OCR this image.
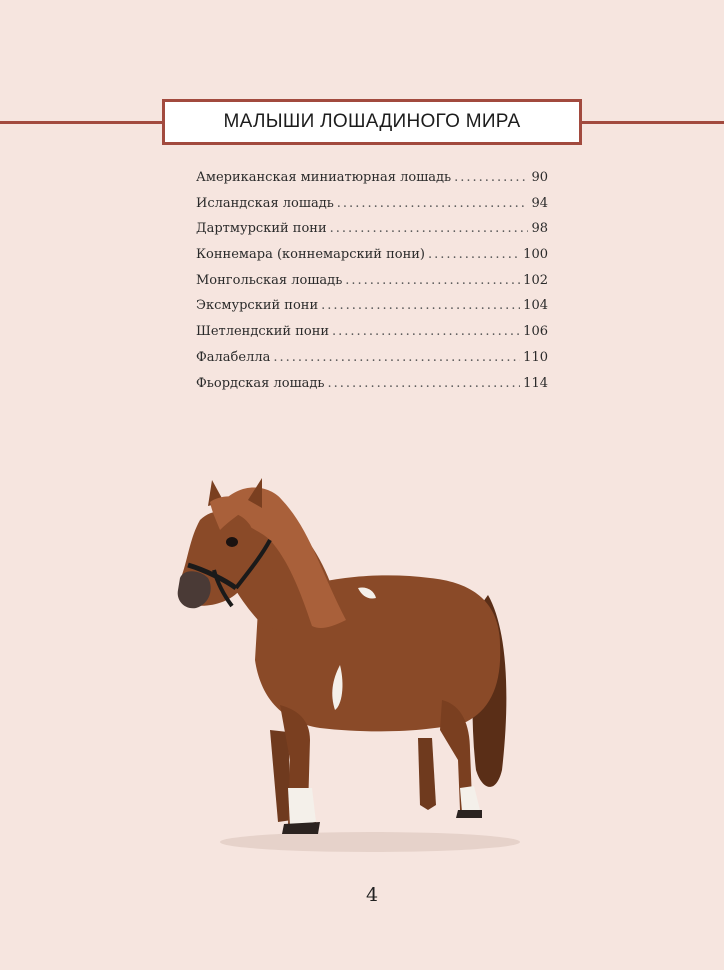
МАЛЫШИ ЛОШАДИНОГО МИРА
Американская миниатюрная лошадь .....	90
Исландская лошадь .....	94
Дартмурский пони .....	98
Коннемара (коннемарский пони) .....	100
Монгольская лошадь .....	102
Эксмурский пони .....	104
Шетлендский пони .....	106
Фалабелла .....	110
Фьордская лошадь .....	114
4
